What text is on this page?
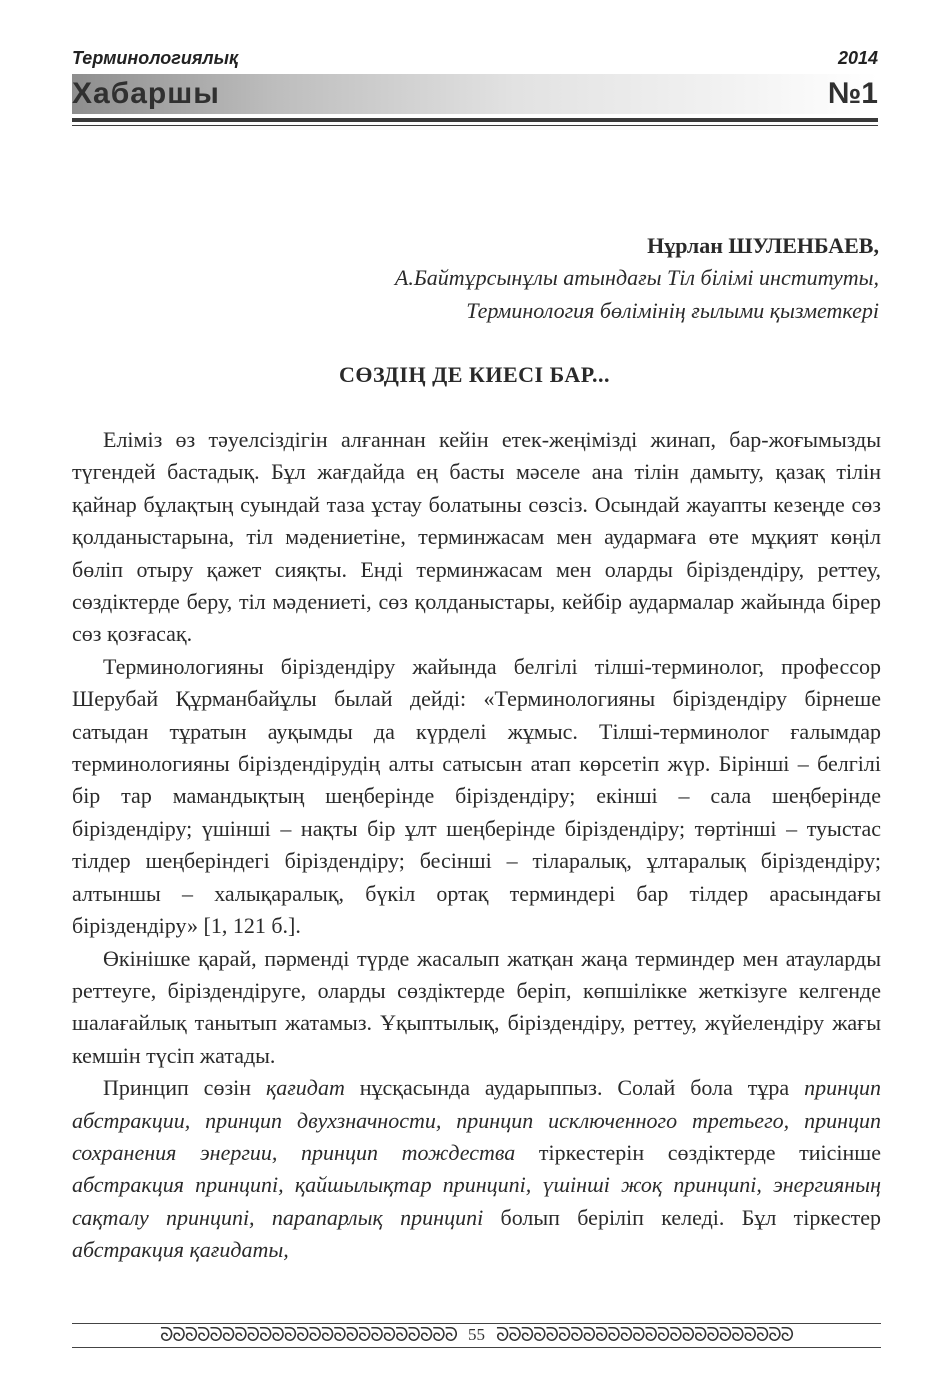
Терминологиялық	2014
Хабаршы	№1
Нұрлан ШУЛЕНБАЕВ,
А.Байтұрсынұлы атындағы Тіл білімі институты,
Терминология бөлімінің ғылыми қызметкері
СӨЗДІҢ ДЕ КИЕСІ БАР...

Еліміз өз тәуелсіздігін алғаннан кейін етек-жеңімізді жинап, бар-жоғымызды түгендей бастадық. Бұл жағдайда ең басты мәселе ана тілін дамыту, қазақ тілін қайнар бұлақтың суындай таза ұстау болатыны сөзсіз. Осындай жауапты кезеңде сөз қолданыстарына, тіл мәдениетіне, терминжасам мен аудармаға өте мұқият көңіл бөліп отыру қажет сияқты. Енді терминжасам мен оларды біріздендіру, реттеу, сөздіктерде беру, тіл мәдениеті, сөз қолданыстары, кейбір аудармалар жайында бірер сөз қозғасақ.

Терминологияны біріздендіру жайында белгілі тілші-терминолог, профессор Шерубай Құрманбайұлы былай дейді: «Терминологияны біріздендіру бірнеше сатыдан тұратын ауқымды да күрделі жұмыс. Тілші-терминолог ғалымдар терминологияны біріздендірудің алты сатысын атап көрсетіп жүр. Бірінші – белгілі бір тар мамандықтың шеңберінде біріздендіру; екінші – сала шеңберінде біріздендіру; үшінші – нақты бір ұлт шеңберінде біріздендіру; төртінші – туыстас тілдер шеңберіндегі біріздендіру; бесінші – тіларалық, ұлтаралық біріздендіру; алтыншы – халықаралық, бүкіл ортақ терминдері бар тілдер арасындағы біріздендіру» [1, 121 б.].

Өкінішке қарай, пәрменді түрде жасалып жатқан жаңа терминдер мен атауларды реттеуге, біріздендіруге, оларды сөздіктерде беріп, көпшілікке жеткізуге келгенде шалағайлық танытып жатамыз. Ұқыптылық, біріздендіру, реттеу, жүйелендіру жағы кемшін түсіп жатады.

Принцип сөзін қағидат нұсқасында аударыппыз. Солай бола тұра принцип абстракции, принцип двухзначности, принцип исключенного третьего, принцип сохранения энергии, принцип тождества тіркестерін сөздіктерде тиісінше абстракция принципі, қайшылықтар принципі, үшінші жоқ принципі, энергияның сақталу принципі, парапарлық принципі болып беріліп келеді. Бұл тіркестер абстракция қағидаты,

ᘐᘐᘐᘐᘐᘐᘐᘐᘐᘐᘐᘐᘐᘐᘐᘐᘐᘐᘐᘐᘐᘐᘐᘐ 55 ᘐᘐᘐᘐᘐᘐᘐᘐᘐᘐᘐᘐᘐᘐᘐᘐᘐᘐᘐᘐᘐᘐᘐᘐ
